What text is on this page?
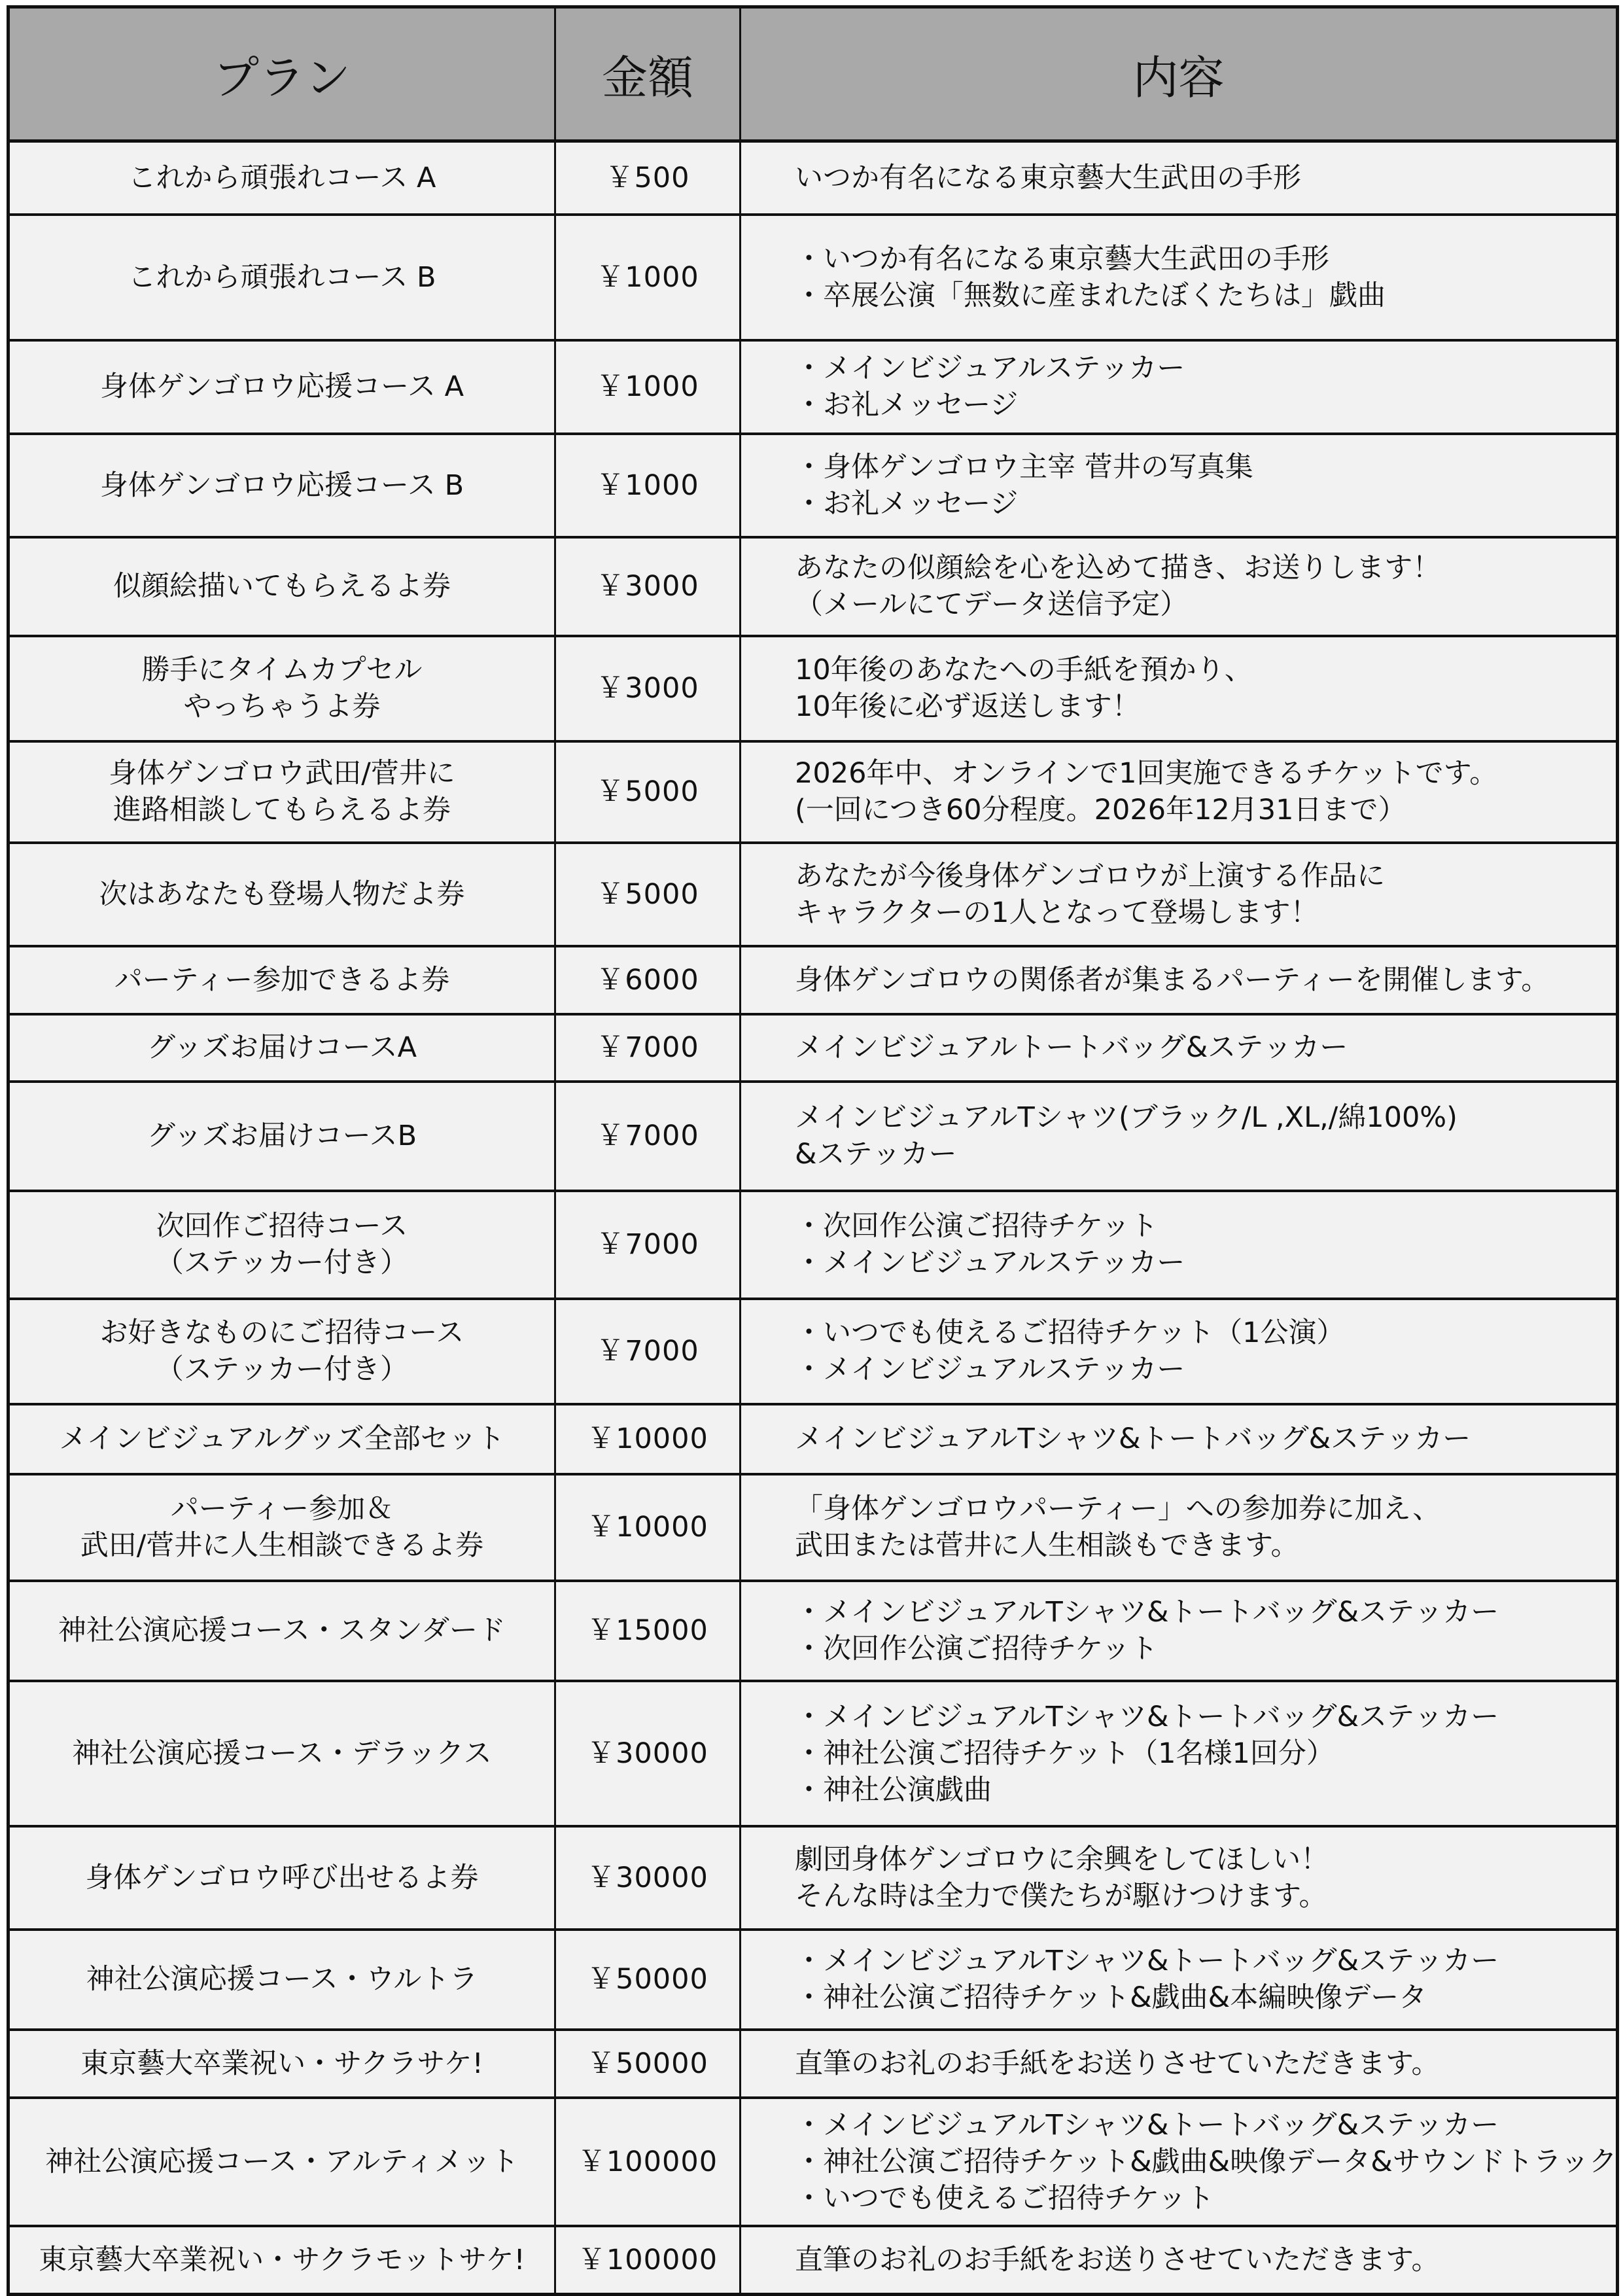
プラン	金額	内容

これから頑張れコース A	￥500	いつか有名になる東京藝大生武田の手形

これから頑張れコース B	￥1000	・いつか有名になる東京藝大生武田の手形
・卒展公演「無数に産まれたぼくたちは」戯曲

身体ゲンゴロウ応援コース A	￥1000	・メインビジュアルステッカー
・お礼メッセージ

身体ゲンゴロウ応援コース B	￥1000	・身体ゲンゴロウ主宰 菅井の写真集
・お礼メッセージ

似顔絵描いてもらえるよ券	￥3000	あなたの似顔絵を心を込めて描き、お送りします！
（メールにてデータ送信予定）

勝手にタイムカプセル
やっちゃうよ券	￥3000	10年後のあなたへの手紙を預かり、
10年後に必ず返送します！

身体ゲンゴロウ武田/菅井に
進路相談してもらえるよ券	￥5000	2026年中、オンラインで1回実施できるチケットです。
(一回につき60分程度。2026年12月31日まで）

次はあなたも登場人物だよ券	￥5000	あなたが今後身体ゲンゴロウが上演する作品に
キャラクターの1人となって登場します！

パーティー参加できるよ券	￥6000	身体ゲンゴロウの関係者が集まるパーティーを開催します。

グッズお届けコースA	￥7000	メインビジュアルトートバッグ&ステッカー

グッズお届けコースB	￥7000	メインビジュアルTシャツ(ブラック/L ,XL,/綿100%)
&ステッカー

次回作ご招待コース
（ステッカー付き）	￥7000	・次回作公演ご招待チケット
・メインビジュアルステッカー

お好きなものにご招待コース
（ステッカー付き）	￥7000	・いつでも使えるご招待チケット（1公演）
・メインビジュアルステッカー

メインビジュアルグッズ全部セット	￥10000	メインビジュアルTシャツ&トートバッグ&ステッカー

パーティー参加＆
武田/菅井に人生相談できるよ券	￥10000	「身体ゲンゴロウパーティー」への参加券に加え、
武田または菅井に人生相談もできます。

神社公演応援コース・スタンダード	￥15000	・メインビジュアルTシャツ&トートバッグ&ステッカー
・次回作公演ご招待チケット

神社公演応援コース・デラックス	￥30000	・メインビジュアルTシャツ&トートバッグ&ステッカー
・神社公演ご招待チケット（1名様1回分）
・神社公演戯曲

身体ゲンゴロウ呼び出せるよ券	￥30000	劇団身体ゲンゴロウに余興をしてほしい！
そんな時は全力で僕たちが駆けつけます。

神社公演応援コース・ウルトラ	￥50000	・メインビジュアルTシャツ&トートバッグ&ステッカー
・神社公演ご招待チケット&戯曲&本編映像データ

東京藝大卒業祝い・サクラサケ!	￥50000	直筆のお礼のお手紙をお送りさせていただきます。

神社公演応援コース・アルティメット	￥100000	・メインビジュアルTシャツ&トートバッグ&ステッカー
・神社公演ご招待チケット&戯曲&映像データ&サウンドトラック
・いつでも使えるご招待チケット

東京藝大卒業祝い・サクラモットサケ!	￥100000	直筆のお礼のお手紙をお送りさせていただきます。
